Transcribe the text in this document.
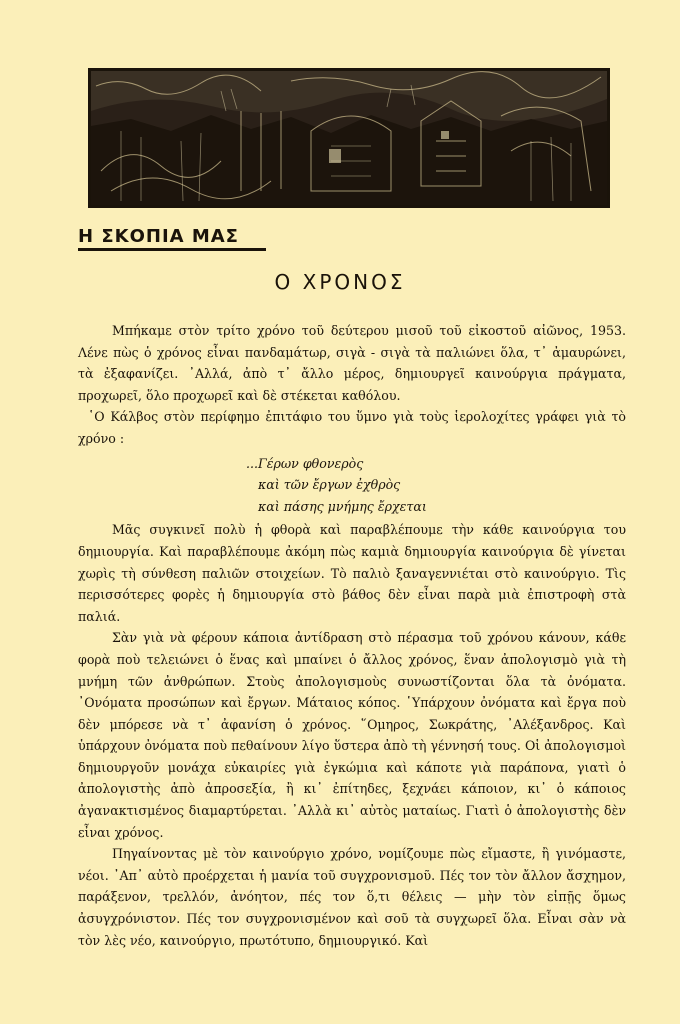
Η ΣΚΟΠΙΑ ΜΑΣ
Ο ΧΡΟΝΟΣ

Μπήκαμε στὸν τρίτο χρόνο τοῦ δεύτερου μισοῦ τοῦ εἰκοστοῦ αἰῶνος, 1953. Λένε πὼς ὁ χρόνος εἶναι πανδαμάτωρ, σιγὰ - σιγὰ τὰ παλιώνει ὅλα, τ᾽ ἀμαυρώνει, τὰ ἐξαφανίζει. ᾽Αλλά, ἀπὸ τ᾽ ἄλλο μέρος, δημιουργεῖ καινούργια πράγματα, προχωρεῖ, ὅλο προχωρεῖ καὶ δὲ στέκεται καθόλου.

῾Ο Κάλβος στὸν περίφημο ἐπιτάφιο του ὕμνο γιὰ τοὺς ἱερολοχίτες γράφει γιὰ τὸ χρόνο :

...Γέρων φθονερὸς
καὶ τῶν ἔργων ἐχθρὸς
καὶ πάσης μνήμης ἔρχεται

Μᾶς συγκινεῖ πολὺ ἡ φθορὰ καὶ παραβλέπουμε τὴν κάθε καινούργια του δημιουργία. Καὶ παραβλέπουμε ἀκόμη πὼς καμιὰ δημιουργία καινούργια δὲ γίνεται χωρὶς τὴ σύνθεση παλιῶν στοιχείων. Τὸ παλιὸ ξαναγεννιέται στὸ καινούργιο. Τὶς περισσότερες φορὲς ἡ δημιουργία στὸ βάθος δὲν εἶναι παρὰ μιὰ ἐπιστροφὴ στὰ παλιά.

Σὰν γιὰ νὰ φέρουν κάποια ἀντίδραση στὸ πέρασμα τοῦ χρόνου κάνουν, κάθε φορὰ ποὺ τελειώνει ὁ ἕνας καὶ μπαίνει ὁ ἄλλος χρόνος, ἕναν ἀπολογισμὸ γιὰ τὴ μνήμη τῶν ἀνθρώπων. Στοὺς ἀπολογισμοὺς συνωστίζονται ὅλα τὰ ὀνόματα. ᾽Ονόματα προσώπων καὶ ἔργων. Μάταιος κόπος. ῾Υπάρχουν ὀνόματα καὶ ἔργα ποὺ δὲν μπόρεσε νὰ τ᾽ ἀφανίση ὁ χρόνος. ῞Ομηρος, Σωκράτης, ᾽Αλέξανδρος. Καὶ ὑπάρχουν ὀνόματα ποὺ πεθαίνουν λίγο ὕστερα ἀπὸ τὴ γέννησή τους. Οἱ ἀπολογισμοὶ δημιουργοῦν μονάχα εὐκαιρίες γιὰ ἐγκώμια καὶ κάποτε γιὰ παράπονα, γιατὶ ὁ ἀπολογιστὴς ἀπὸ ἀπροσεξία, ἢ κι᾽ ἐπίτηδες, ξεχνάει κάποιον, κι᾽ ὁ κάποιος ἀγανακτισμένος διαμαρτύρεται. ᾽Αλλὰ κι᾽ αὐτὸς ματαίως. Γιατὶ ὁ ἀπολογιστὴς δὲν εἶναι χρόνος.

Πηγαίνοντας μὲ τὸν καινούργιο χρόνο, νομίζουμε πὼς εἴμαστε, ἢ γινόμαστε, νέοι. ᾽Απ᾽ αὐτὸ προέρχεται ἡ μανία τοῦ συγχρονισμοῦ. Πές τον τὸν ἄλλον ἄσχημον, παράξενον, τρελλόν, ἀνόητον, πές τον ὅ,τι θέλεις — μὴν τὸν εἰπῇς ὅμως ἀσυγχρόνιστον. Πές τον συγχρονισμένον καὶ σοῦ τὰ συγχωρεῖ ὅλα. Εἶναι σὰν νὰ τὸν λὲς νέο, καινούργιο, πρωτότυπο, δημιουργικό. Καὶ
